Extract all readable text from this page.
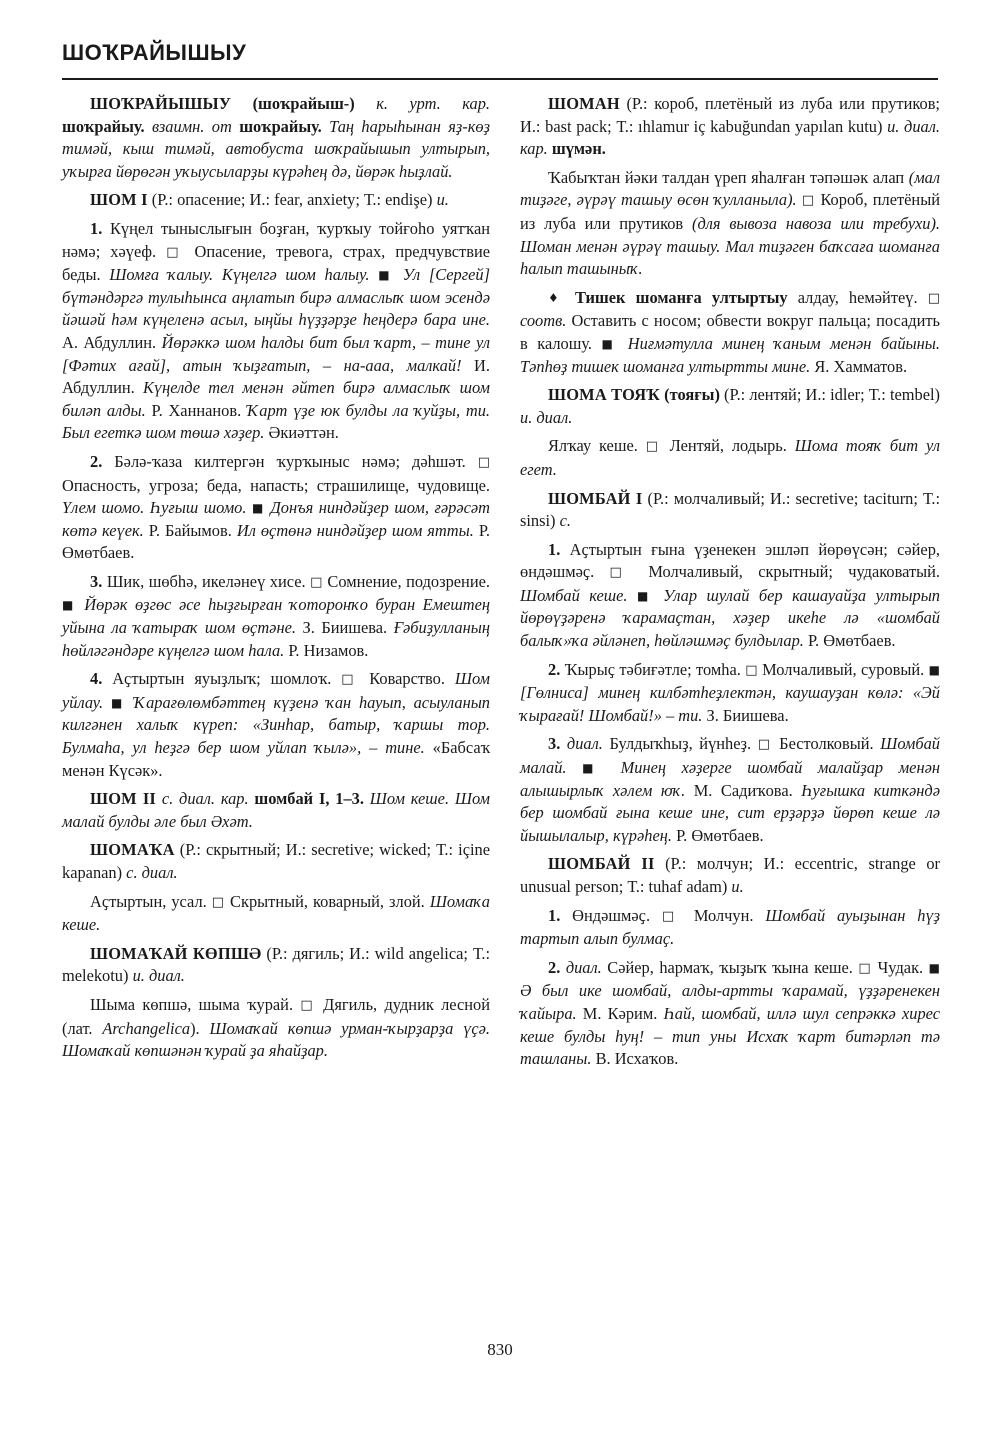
ШОҠРАЙЫШЫУ

ШОҠРАЙЫШЫУ (шоҡрайыш-) к. урт. кар. шоҡрайыу. взаимн. от шоҡрайыу. Таң һарыһынан яҙ-көҙ тимәй, кыш тимәй, автобуста шоҡрайышып ултырып, уҡырға йөрөгән уҡыусыларҙы күрәһең дә, йөрәк һыҙлай.

ШОМ I (Р.: опасение; И.: fear, anxiety; Т.: endişe) и.

1. Күңел тыныслығын боҙған, ҡурҡыу тойғоһо уятҡан нәмә; хәүеф. □ Опасение, тревога, страх, предчувствие беды. Шомға ҡалыу. Күңелгә шом һалыу. ■ Ул [Сергей] бүтәндәргә тулыһынса аңлатып бирә алмаслыҡ шом эсендә йәшәй һәм күңеленә асыл, ыңйы һүҙҙәрҙе һеңдерә бара ине. А. Абдуллин. Йөрәккә шом һалды бит был ҡарт, – тине ул [Фәтих ағай], атын ҡыҙғатып, – на-ааа, малкай! И. Абдуллин. Күңелде тел менән әйтеп бирә алмаслыҡ шом биләп алды. Р. Ханнанов. Ҡарт үҙе юк булды ла ҡуйҙы, ти. Был егеткә шом төшә хәҙер. Әкиәттән.

2. Бәлә-ҡаза килтергән ҡурҡыныс нәмә; дәһшәт. □ Опасность, угроза; беда, напасть; страшилище, чудовище. Үлем шомо. Һуғыш шомо. ■ Донъя ниндәйҙер шом, ғәрәсәт көтә кеүек. Р. Байымов. Ил өҫтөнә ниндәйҙер шом ятты. Р. Өмөтбаев.

3. Шик, шөбһә, икеләнеү хисе. □ Сомнение, подозрение. ■ Йөрәк өҙгөс әсе һыҙғырған ҡоторонҡо буран Емештең уйына ла ҡатыраҡ шом өҫтәне. З. Биишева. Ғәбиҙулланың һөйләгәндәре күңелгә шом һала. Р. Низамов.

4. Аҫтыртын яуыҙлыҡ; шомлоҡ. □ Коварство. Шом уйлау. ■ Ҡарағөлөмбәттең күҙенә ҡан һауып, асыуланып килгәнен халыҡ күреп: «Зинһар, батыр, ҡаршы тор. Булмаһа, ул һеҙгә бер шом уйлап ҡылә», – тине. «Бабсаҡ менән Күсәк».

ШОМ II с. диал. кар. шомбай I, 1–3. Шом кеше. Шом малай булды әле был Әхәт.

ШОМАҠА (Р.: скрытный; И.: secretive; wicked; Т.: içine kapanan) с. диал.

Аҫтыртын, усал. □ Скрытный, коварный, злой. Шомаҡа кеше.

ШОМАҠАЙ КӨПШӘ (Р.: дягиль; И.: wild angelica; Т.: melekotu) и. диал.

Шыма көпшә, шыма ҡурай. □ Дягиль, дудник лесной (лат. Archangelica). Шомаҡай көпшә урман-ҡырҙарҙа үҫә. Шомаҡай көпшәнән ҡурай ҙа яһайҙар.

ШОМАН (Р.: короб, плетёный из луба или прутиков; И.: bast pack; Т.: ıhlamur iç kabuğundan yapılan kutu) и. диал. кар. шүмән.

Ҡабыҡтан йәки талдан үреп яһалған тәпәшәк алап (мал тиҙәге, әүрәү ташыу өсөн ҡулланыла). □ Короб, плетёный из луба или прутиков (для вывоза навоза или требухи). Шоман менән әүрәү ташыу. Мал тиҙәген баҡсаға шоманға һалып ташыныҡ.

♦ Тишек шоманға ултыртыу алдау, һемәйтеү. □ соотв. Оставить с носом; обвести вокруг пальца; посадить в калошу. ■ Ниғмәтулла минең ҡаным менән байыны. Тәпһөҙ тишек шоманға ултыртты мине. Я. Хамматов.

ШОМА ТОЯҠ (тояғы) (Р.: лентяй; И.: idler; Т.: tembel) и. диал.

Ялҡау кеше. □ Лентяй, лодырь. Шома тояҡ бит ул егет.

ШОМБАЙ I (Р.: молчаливый; И.: secretive; taciturn; Т.: sinsi) с.

1. Аҫтыртын ғына үҙенекен эшләп йөрөүсән; сәйер, өндәшмәҫ. □ Молчаливый, скрытный; чудаковатый. Шомбай кеше. ■ Улар шулай бер кашауайҙа ултырып йөрөүҙәренә ҡарамаҫтан, хәҙер икеһе лә «шомбай балыҡ»ҡа әйләнеп, һөйләшмәҫ булдылар. Р. Өмөтбаев.

2. Ҡырыҫ тәбиғәтле; томһа. □ Молчаливый, суровый. ■ [Гөлниса] минең килбәтһеҙлектән, каушауҙан көлә: «Эй ҡырағай! Шомбай!» – ти. З. Биишева.

3. диал. Булдыҡһыҙ, йүнһеҙ. □ Бестолковый. Шомбай малай. ■ Минең хәҙерге шомбай малайҙар менән алышырлыҡ хәлем юҡ. М. Садиҡова. Һуғышка киткәндә бер шомбай ғына кеше ине, сит ерҙәрҙә йөрөп кеше лә йышылалыр, күрәһең. Р. Өмөтбаев.

ШОМБАЙ II (Р.: молчун; И.: eccentric, strange or unusual person; Т.: tuhaf adam) и.

1. Өндәшмәҫ. □ Молчун. Шомбай ауыҙынан һүҙ тартып алып булмаҫ.

2. диал. Сәйер, һармаҡ, ҡыҙыҡ ҡына кеше. □ Чудак. ■ Ә был ике шомбай, алды-артты ҡарамай, үҙҙәренекен ҡайыра. М. Кәрим. Һай, шомбай, иллә шул сепрәккә хирес кеше булды һуң! – тип уны Исхаҡ ҡарт битәрләп тә ташланы. В. Исхаҡов.

830
